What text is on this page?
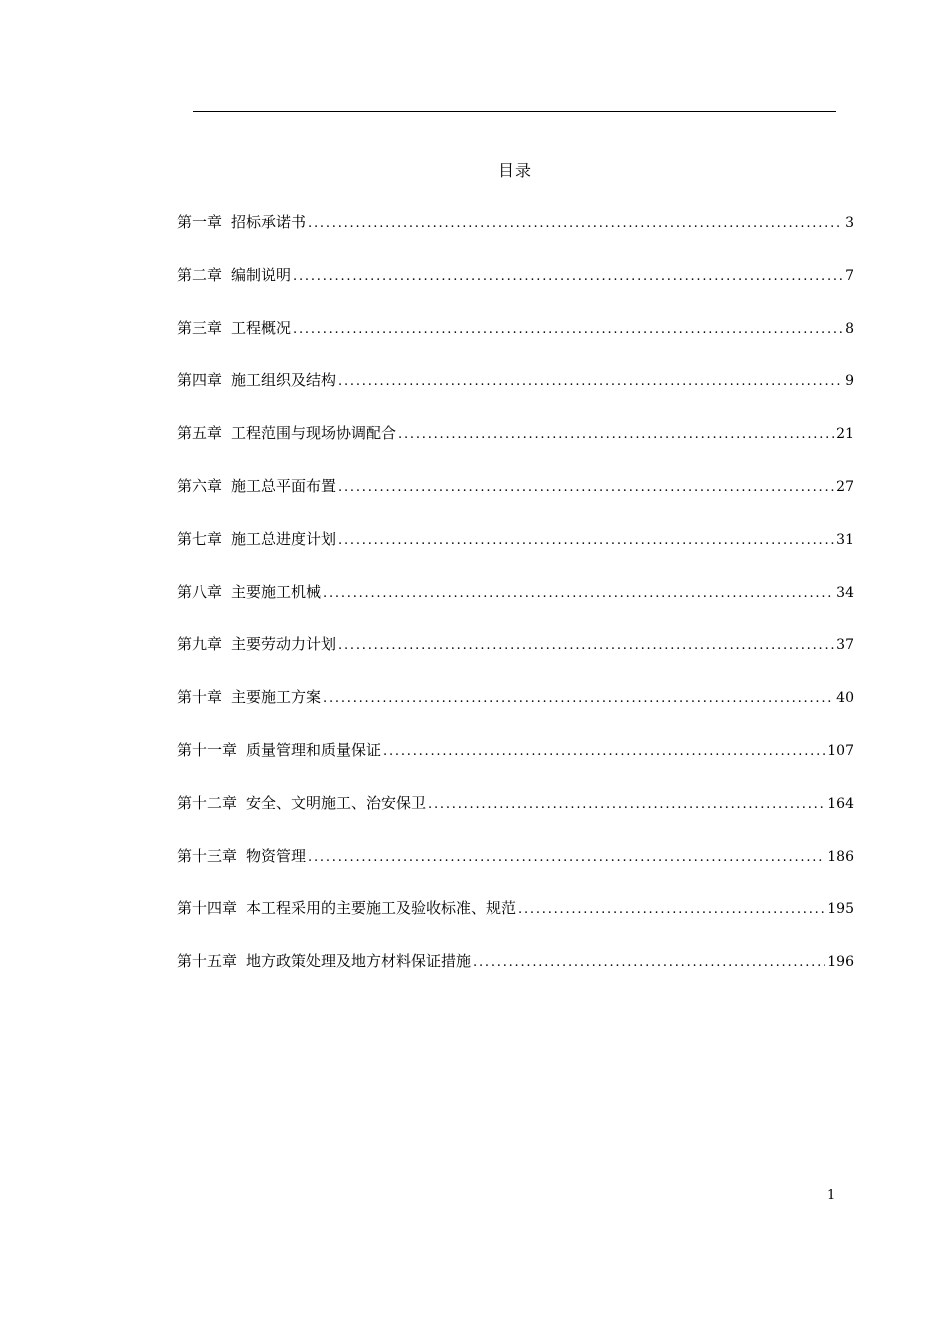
目录
第一章 招标承诺书 .....	3
第二章 编制说明 .....	7
第三章 工程概况 .....	8
第四章 施工组织及结构 .....	9
第五章 工程范围与现场协调配合 .....	21
第六章 施工总平面布置 .....	27
第七章 施工总进度计划 .....	31
第八章 主要施工机械 .....	34
第九章 主要劳动力计划 .....	37
第十章 主要施工方案 .....	40
第十一章 质量管理和质量保证 .....	107
第十二章 安全、文明施工、治安保卫 .....	164
第十三章 物资管理 .....	186
第十四章 本工程采用的主要施工及验收标准、规范 .....	195
第十五章 地方政策处理及地方材料保证措施 .....	196
1
